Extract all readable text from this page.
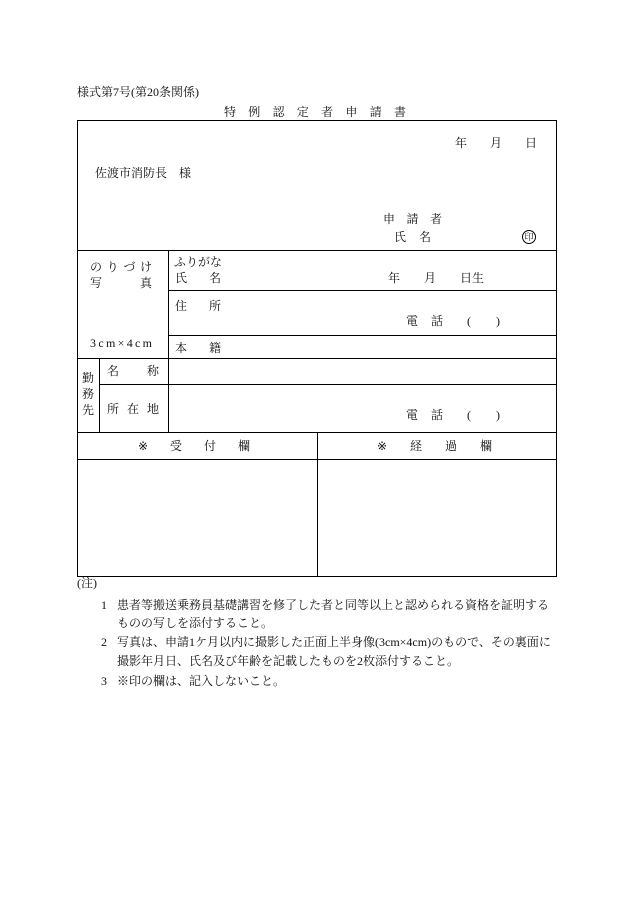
様式第7号(第20条関係)
特 例 認 定 者 申 請 書
年 月 日
佐渡市消防長　様
申 請 者
氏 名	印
の り づ け
写	真
3 c m × 4 c m
ふりがな
氏 名	年　　月　　日生
住 所
電 話 ( )
本 籍
勤
務
先
名 称
所 在 地	電 話 ( )
※ 受 付 欄	※ 経 過 欄
(注)
1 患者等搬送乗務員基礎講習を修了した者と同等以上と認められる資格を証明する
ものの写しを添付すること。
2 写真は、申請1ケ月以内に撮影した正面上半身像(3cm×4cm)のもので、その裏面に
撮影年月日、氏名及び年齢を記載したものを2枚添付すること。
3 ※印の欄は、記入しないこと。
